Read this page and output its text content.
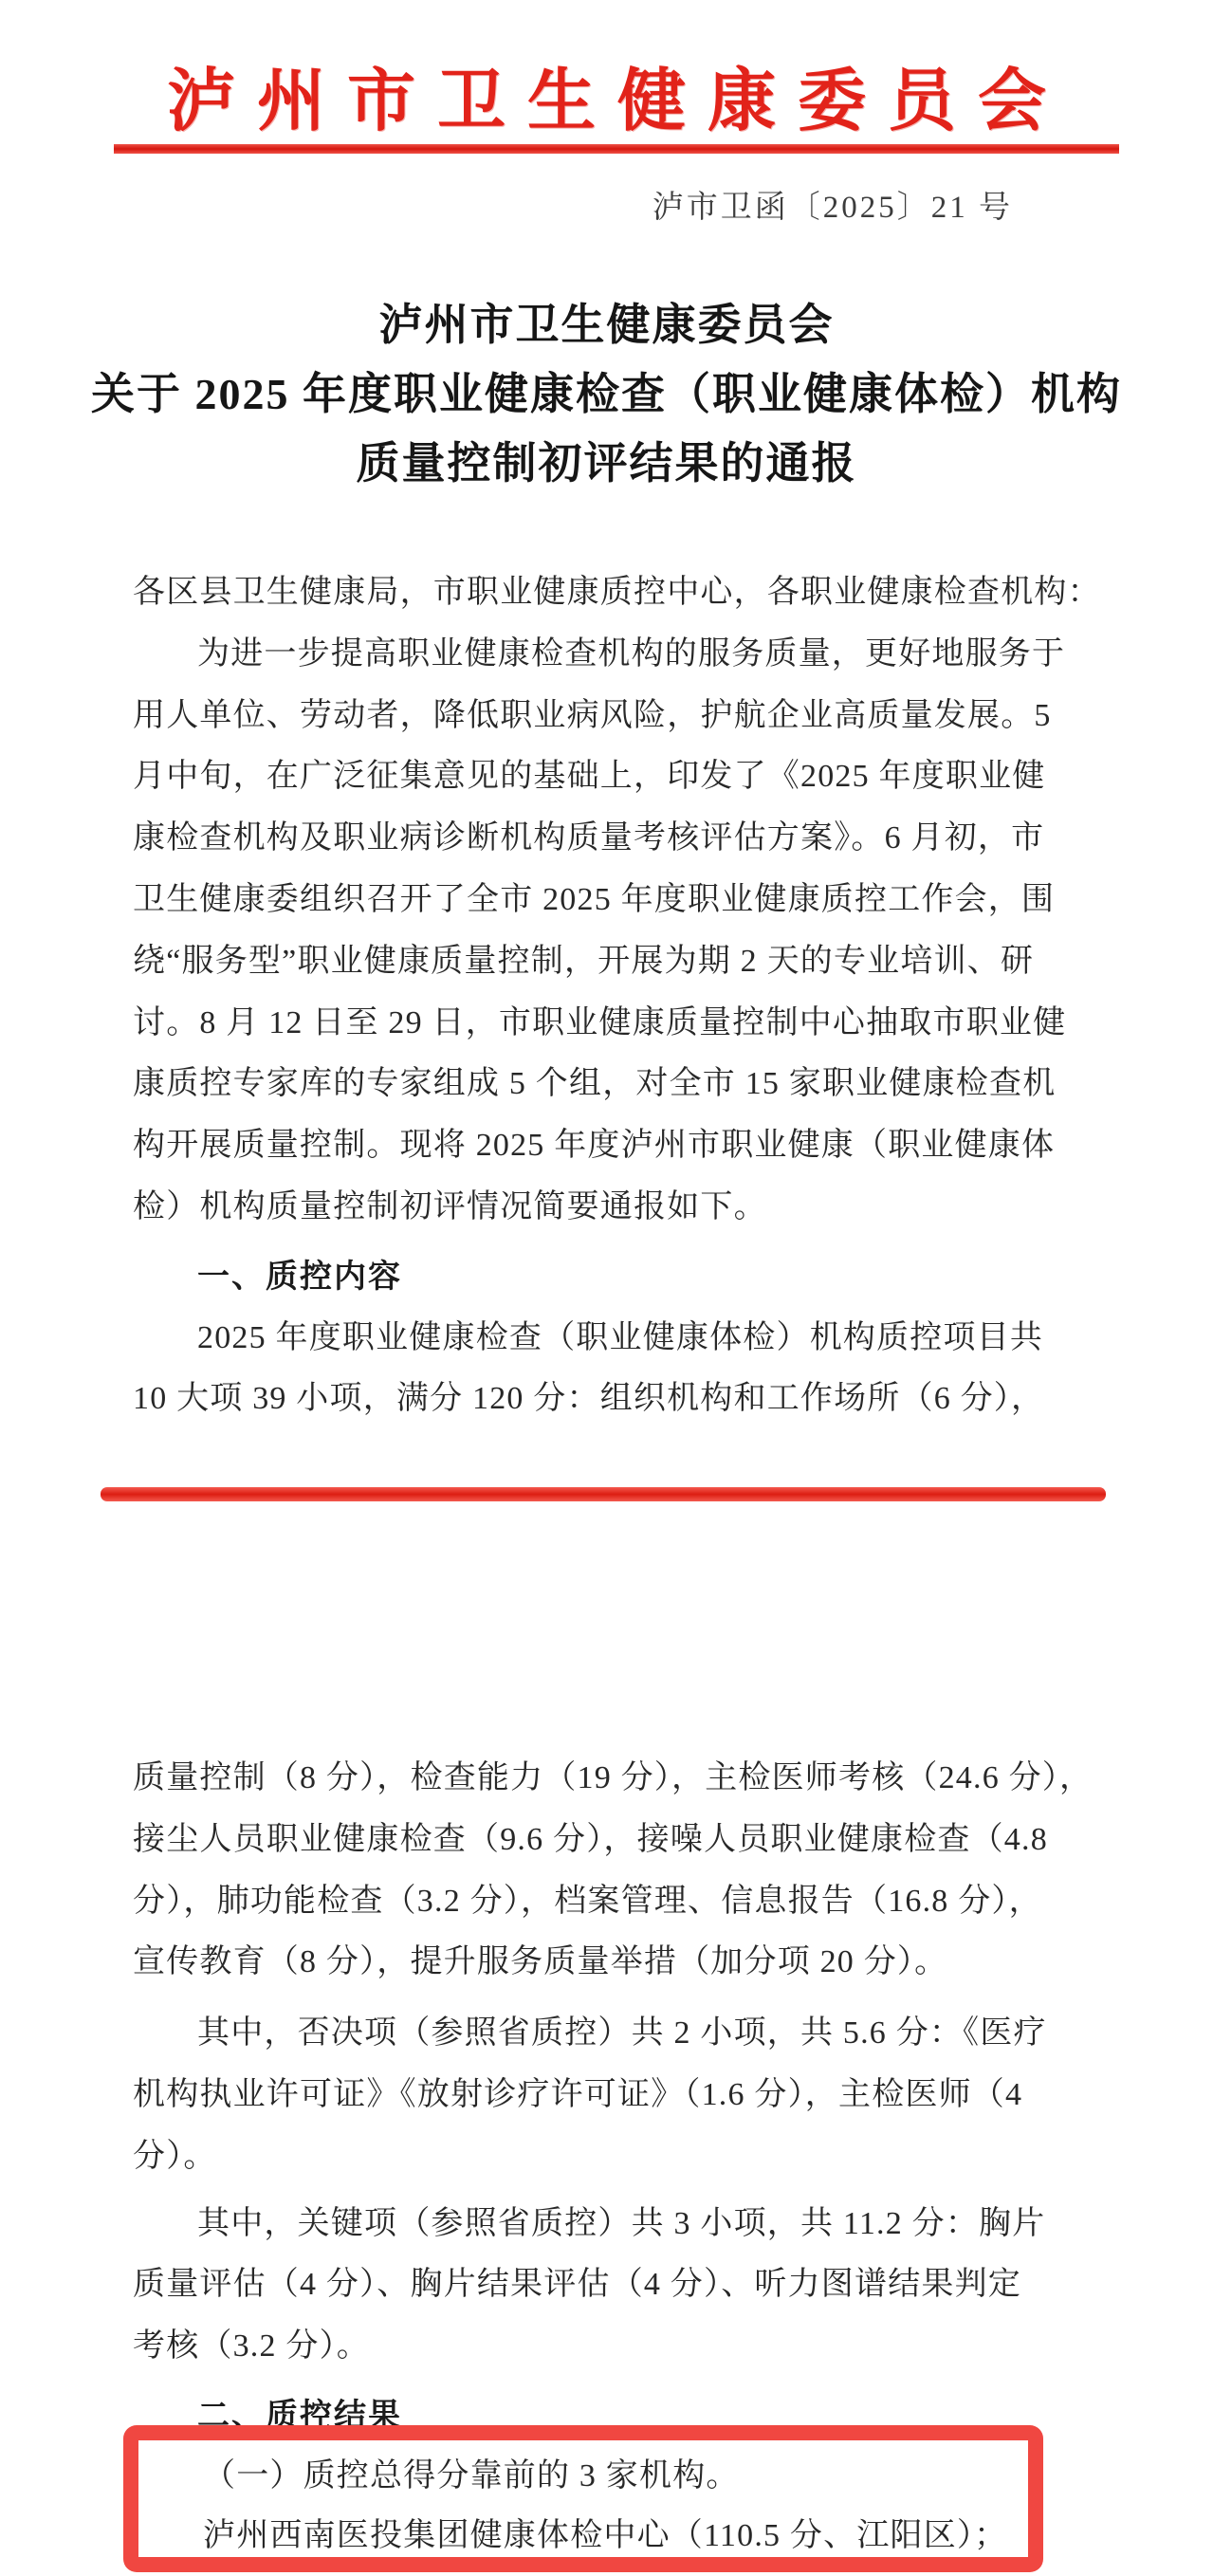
泸州市卫生健康委员会
泸市卫函〔2025〕21 号

泸州市卫生健康委员会

关于 2025 年度职业健康检查（职业健康体检）机构

质量控制初评结果的通报

各区县卫生健康局，市职业健康质控中心，各职业健康检查机构：

为进一步提高职业健康检查机构的服务质量，更好地服务于

用人单位、劳动者，降低职业病风险，护航企业高质量发展。5

月中旬，在广泛征集意见的基础上，印发了《2025 年度职业健

康检查机构及职业病诊断机构质量考核评估方案》。6 月初，市

卫生健康委组织召开了全市 2025 年度职业健康质控工作会，围

绕“服务型”职业健康质量控制，开展为期 2 天的专业培训、研

讨。8 月 12 日至 29 日，市职业健康质量控制中心抽取市职业健

康质控专家库的专家组成 5 个组，对全市 15 家职业健康检查机

构开展质量控制。现将 2025 年度泸州市职业健康（职业健康体

检）机构质量控制初评情况简要通报如下。

一、质控内容

2025 年度职业健康检查（职业健康体检）机构质控项目共

10 大项 39 小项，满分 120 分：组织机构和工作场所（6 分），

质量控制（8 分），检查能力（19 分），主检医师考核（24.6 分），

接尘人员职业健康检查（9.6 分），接噪人员职业健康检查（4.8

分），肺功能检查（3.2 分），档案管理、信息报告（16.8 分），

宣传教育（8 分），提升服务质量举措（加分项 20 分）。

其中，否决项（参照省质控）共 2 小项，共 5.6 分：《医疗

机构执业许可证》《放射诊疗许可证》（1.6 分），主检医师（4

分）。

其中，关键项（参照省质控）共 3 小项，共 11.2 分：胸片

质量评估（4 分）、胸片结果评估（4 分）、听力图谱结果判定

考核（3.2 分）。

二、质控结果

（一）质控总得分靠前的 3 家机构。

泸州西南医投集团健康体检中心（110.5 分、江阳区）；
